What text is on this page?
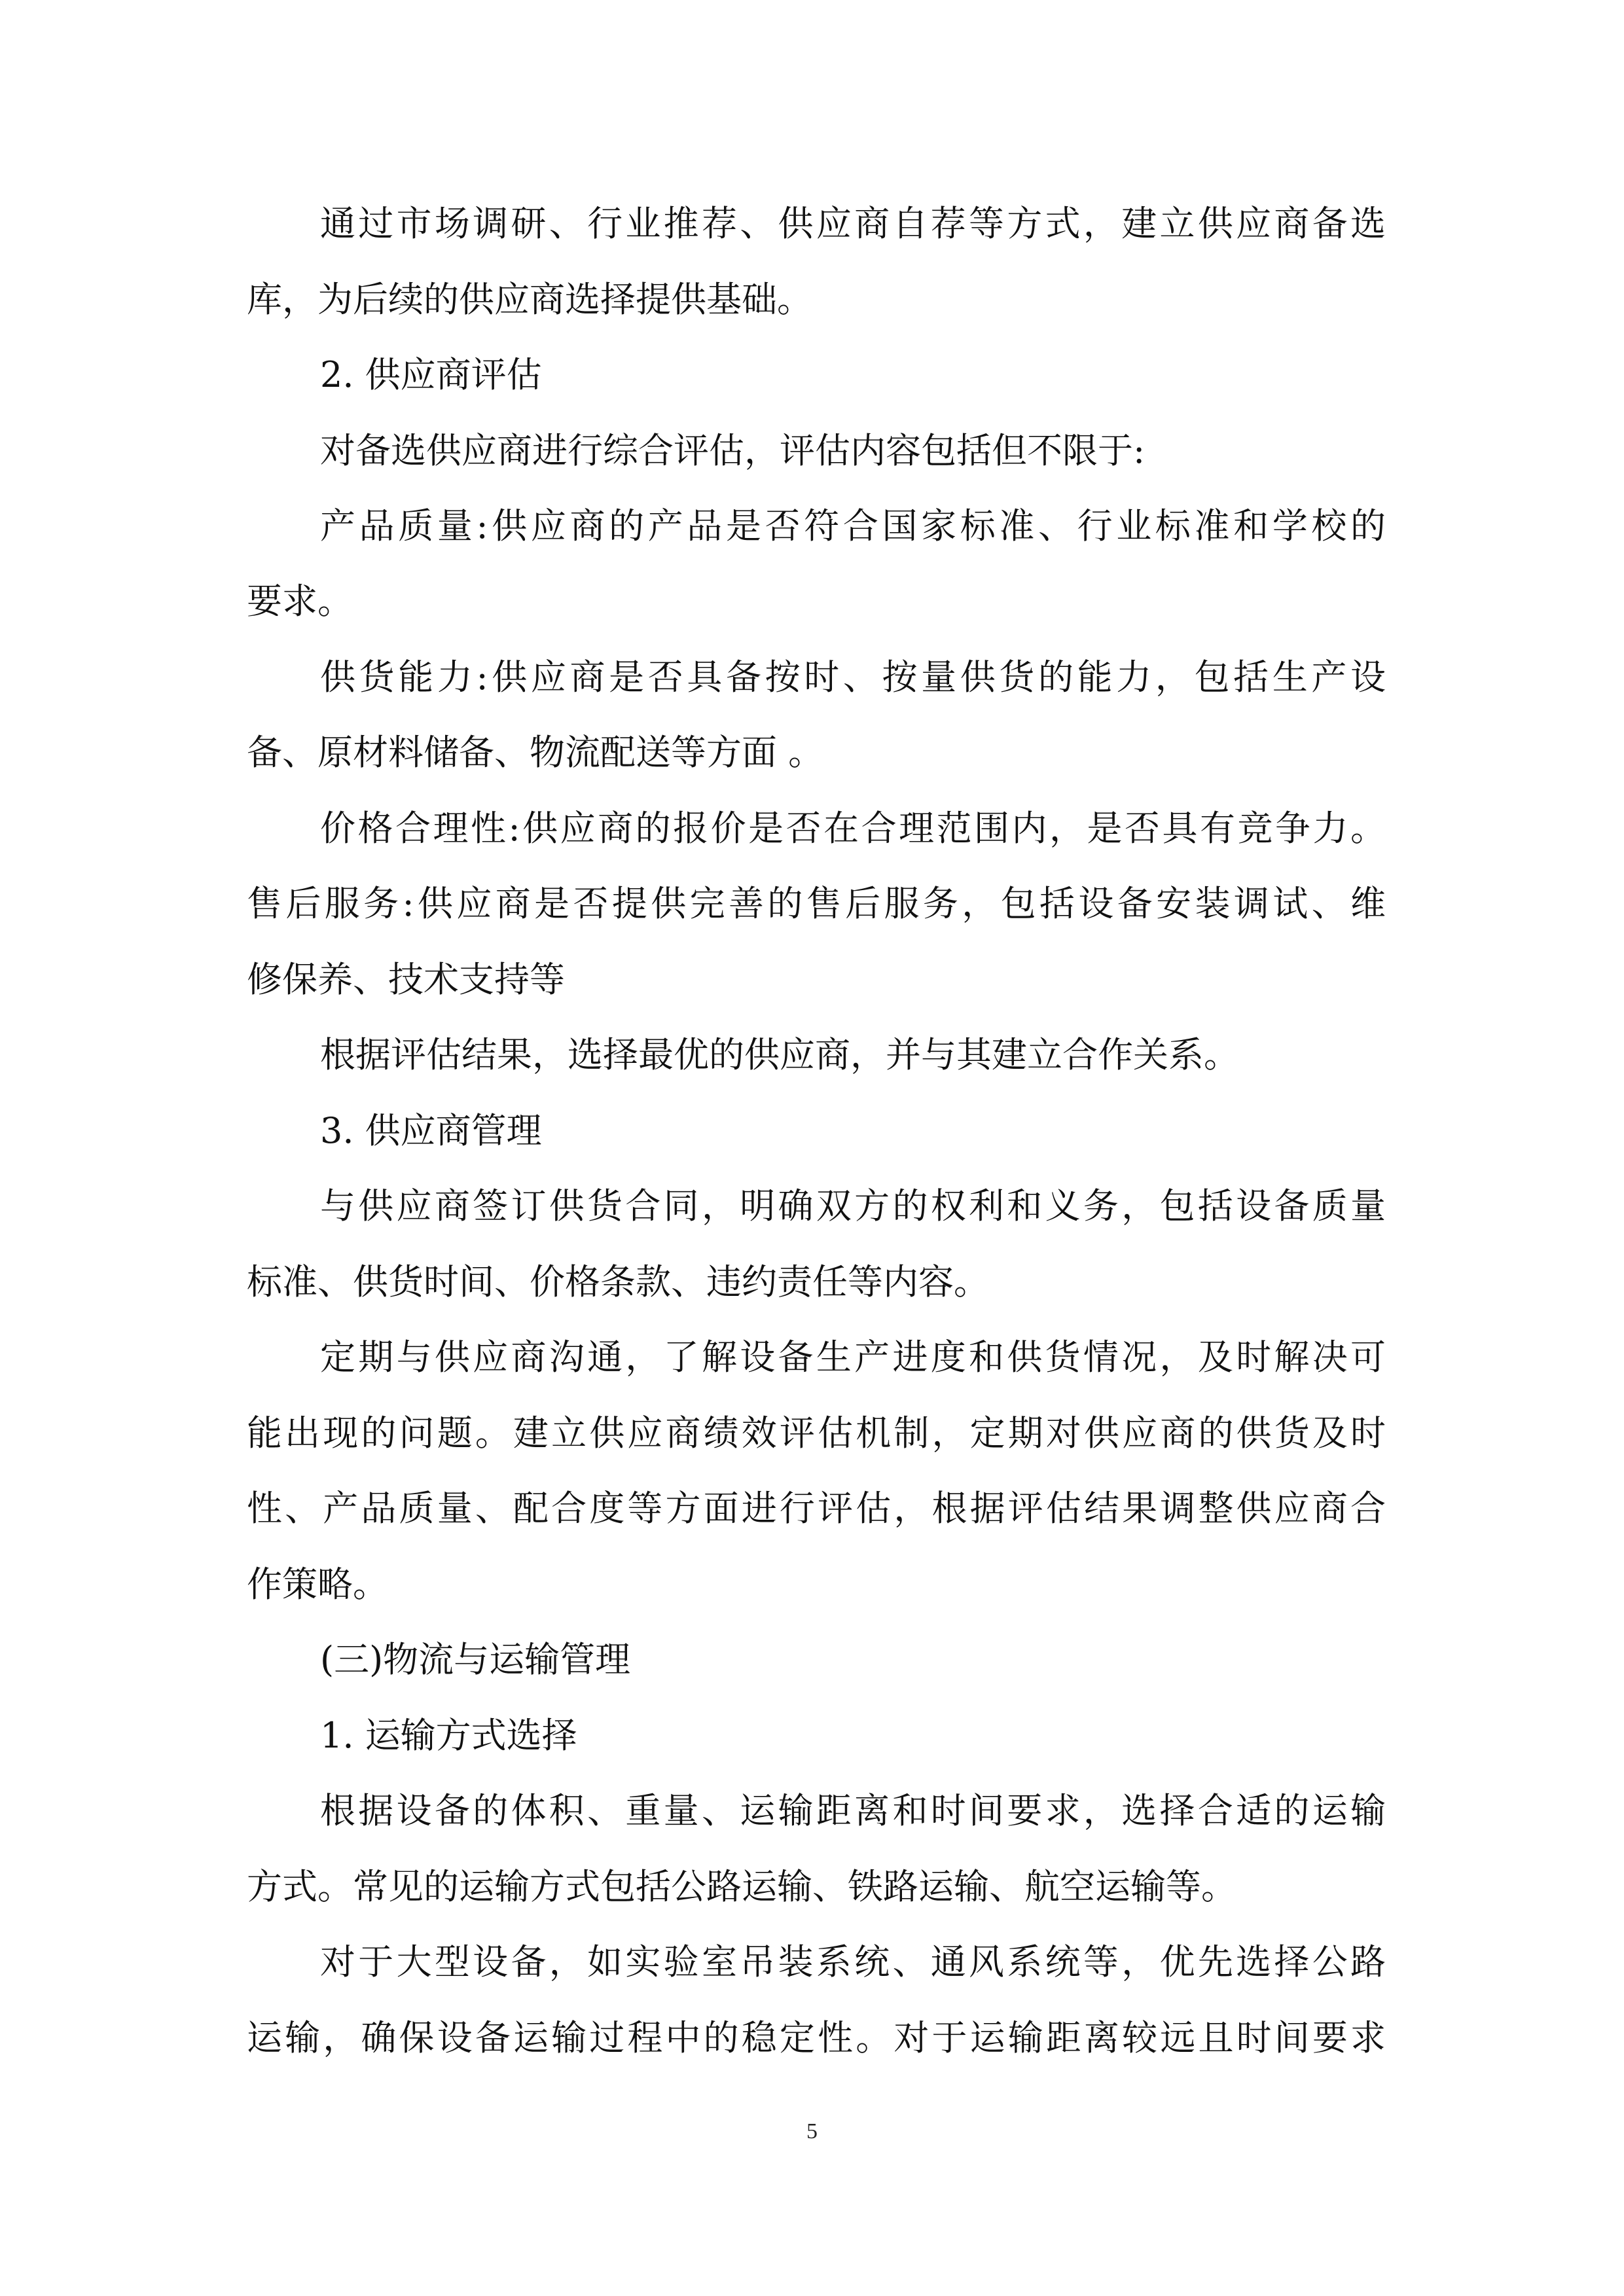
通过市场调研、行业推荐、供应商自荐等方式，建立供应商备选

库，为后续的供应商选择提供基础。

2. 供应商评估

对备选供应商进行综合评估，评估内容包括但不限于:

产品质量:供应商的产品是否符合国家标准、行业标准和学校的

要求。

供货能力:供应商是否具备按时、按量供货的能力，包括生产设

备、原材料储备、物流配送等方面 。

价格合理性:供应商的报价是否在合理范围内，是否具有竞争力。

售后服务:供应商是否提供完善的售后服务，包括设备安装调试、维

修保养、技术支持等

根据评估结果，选择最优的供应商，并与其建立合作关系。

3. 供应商管理

与供应商签订供货合同，明确双方的权利和义务，包括设备质量

标准、供货时间、价格条款、违约责任等内容。

定期与供应商沟通，了解设备生产进度和供货情况，及时解决可

能出现的问题。建立供应商绩效评估机制，定期对供应商的供货及时

性、产品质量、配合度等方面进行评估，根据评估结果调整供应商合

作策略。

(三)物流与运输管理

1. 运输方式选择

根据设备的体积、重量、运输距离和时间要求，选择合适的运输

方式。常见的运输方式包括公路运输、铁路运输、航空运输等。

对于大型设备，如实验室吊装系统、通风系统等，优先选择公路

运输，确保设备运输过程中的稳定性。对于运输距离较远且时间要求

5
